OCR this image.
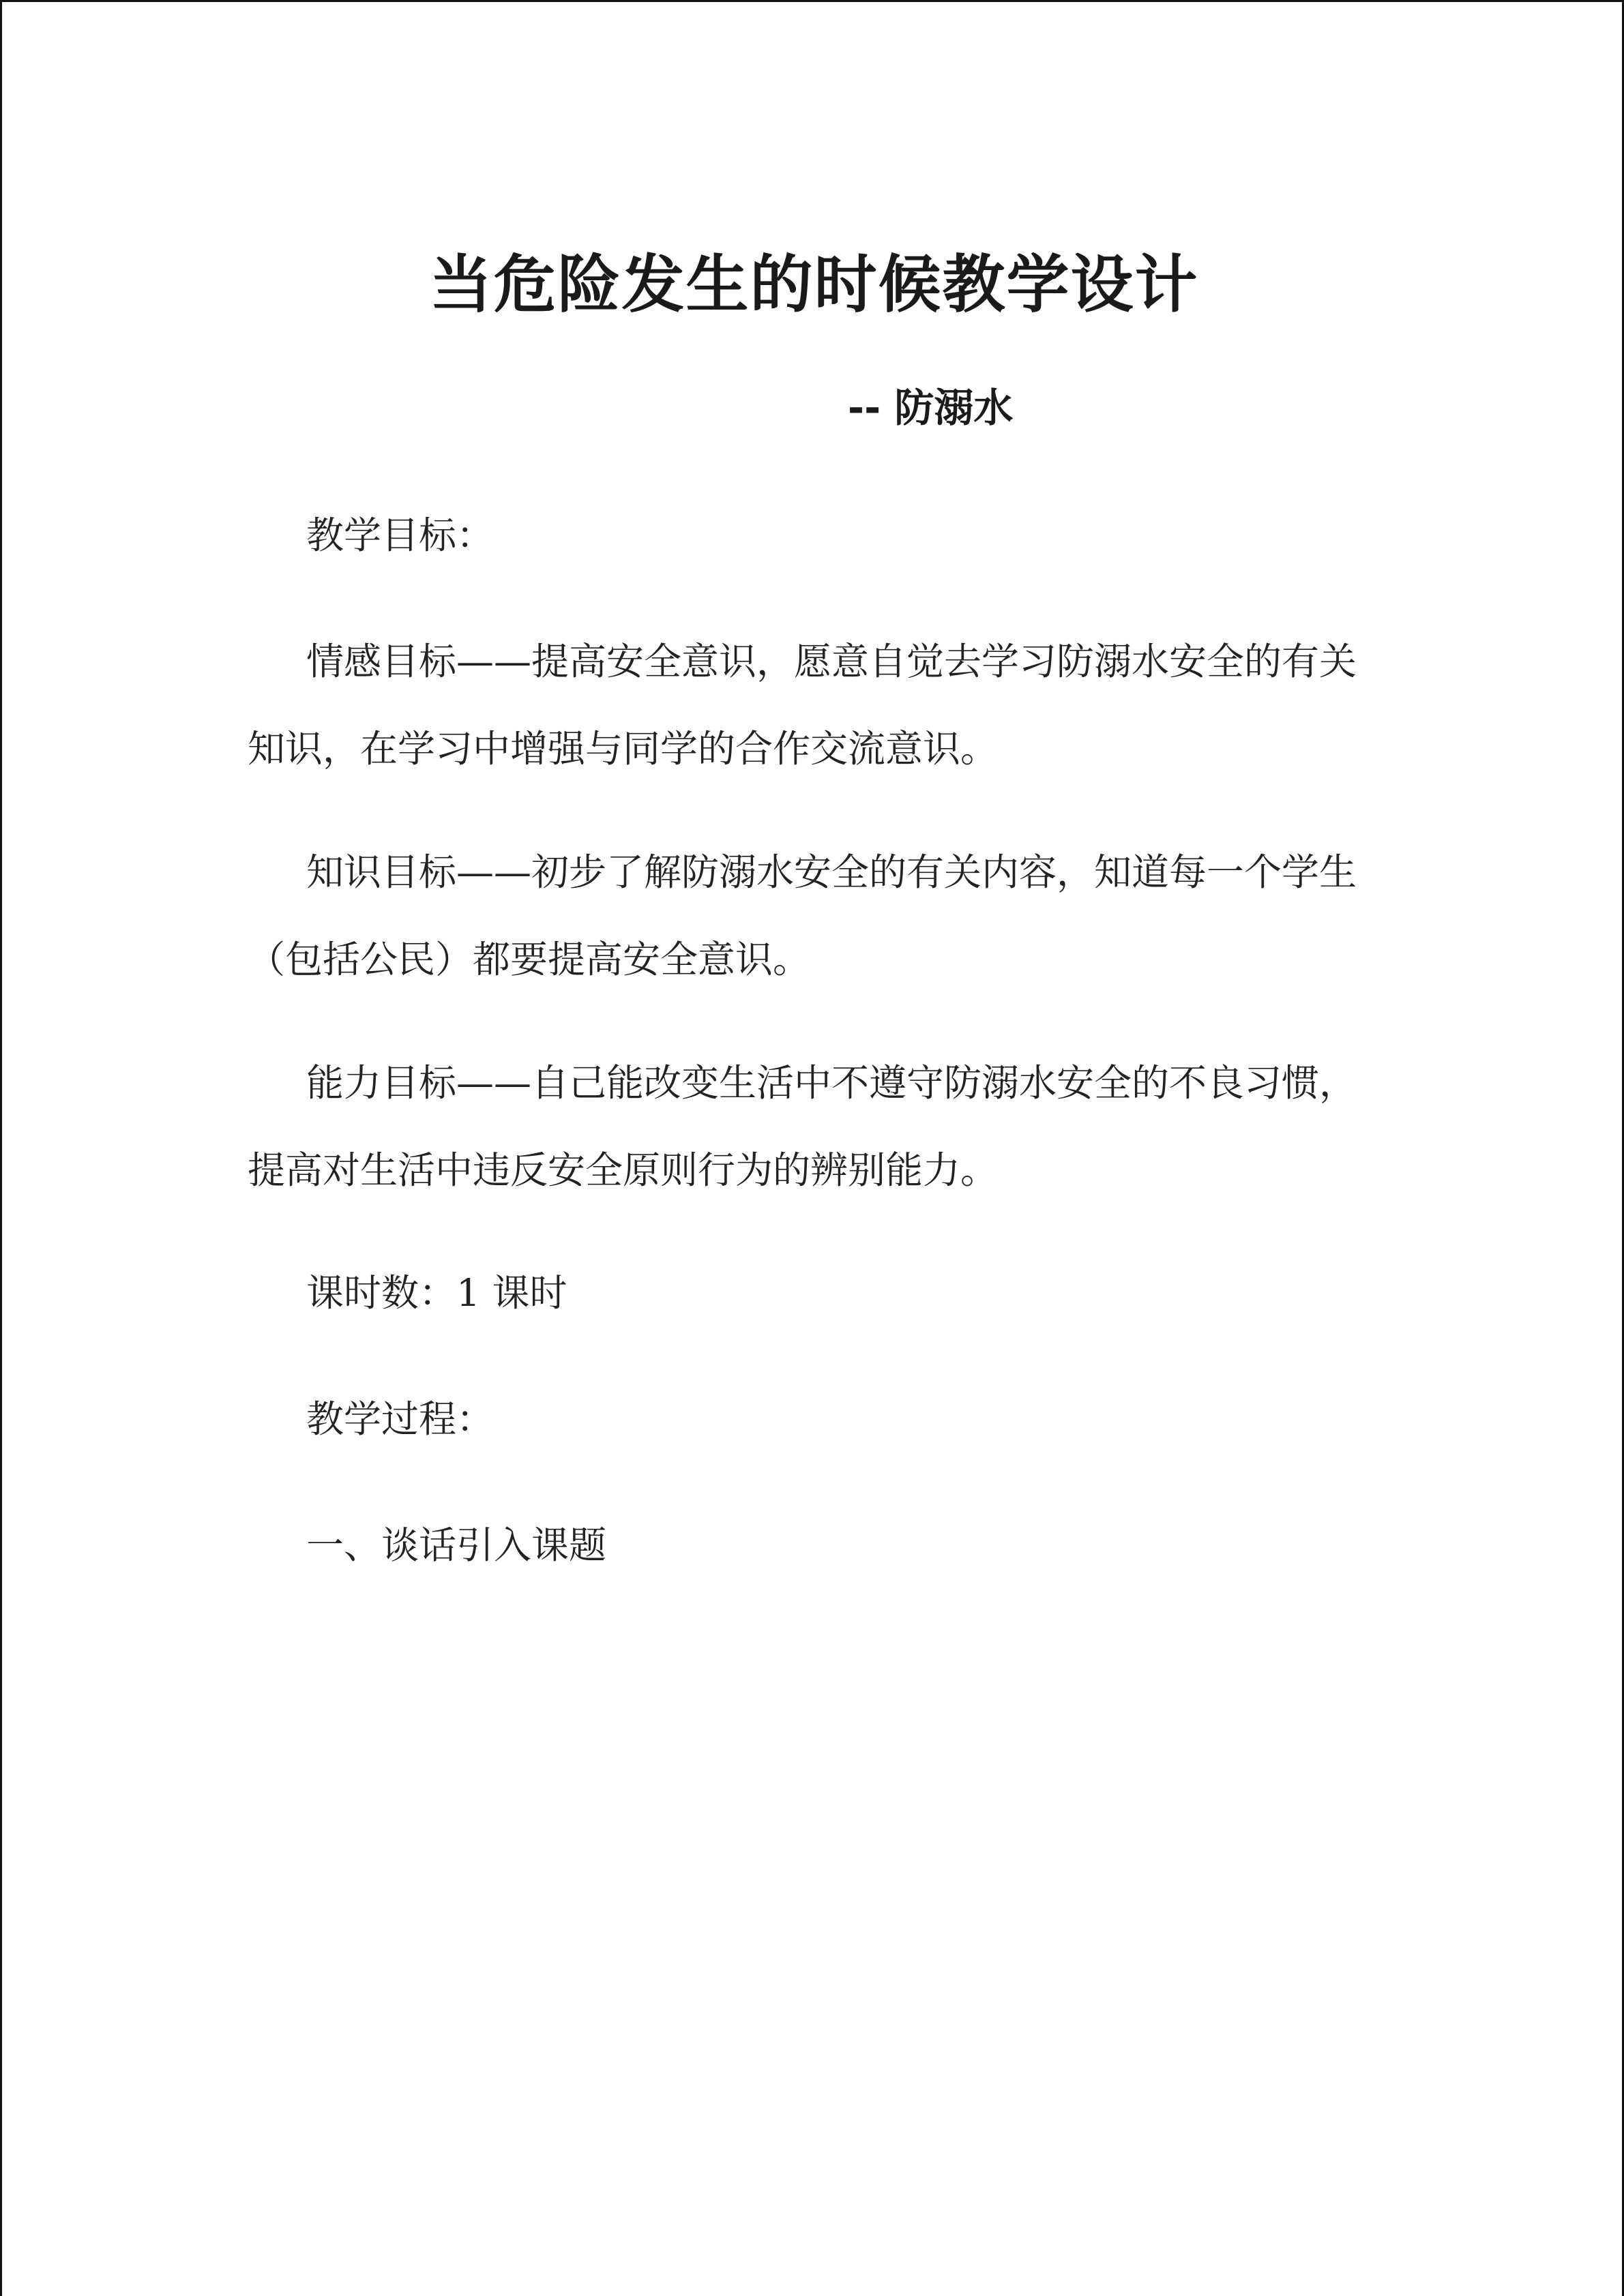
当危险发生的时候教学设计
-- 防溺水
教学目标：
情感目标——提高安全意识，愿意自觉去学习防溺水安全的有关
知识，在学习中增强与同学的合作交流意识。
知识目标——初步了解防溺水安全的有关内容，知道每一个学生
（包括公民）都要提高安全意识。
能力目标——自己能改变生活中不遵守防溺水安全的不良习惯，
提高对生活中违反安全原则行为的辨别能力。
课时数：1 课时
教学过程：
一、谈话引入课题
